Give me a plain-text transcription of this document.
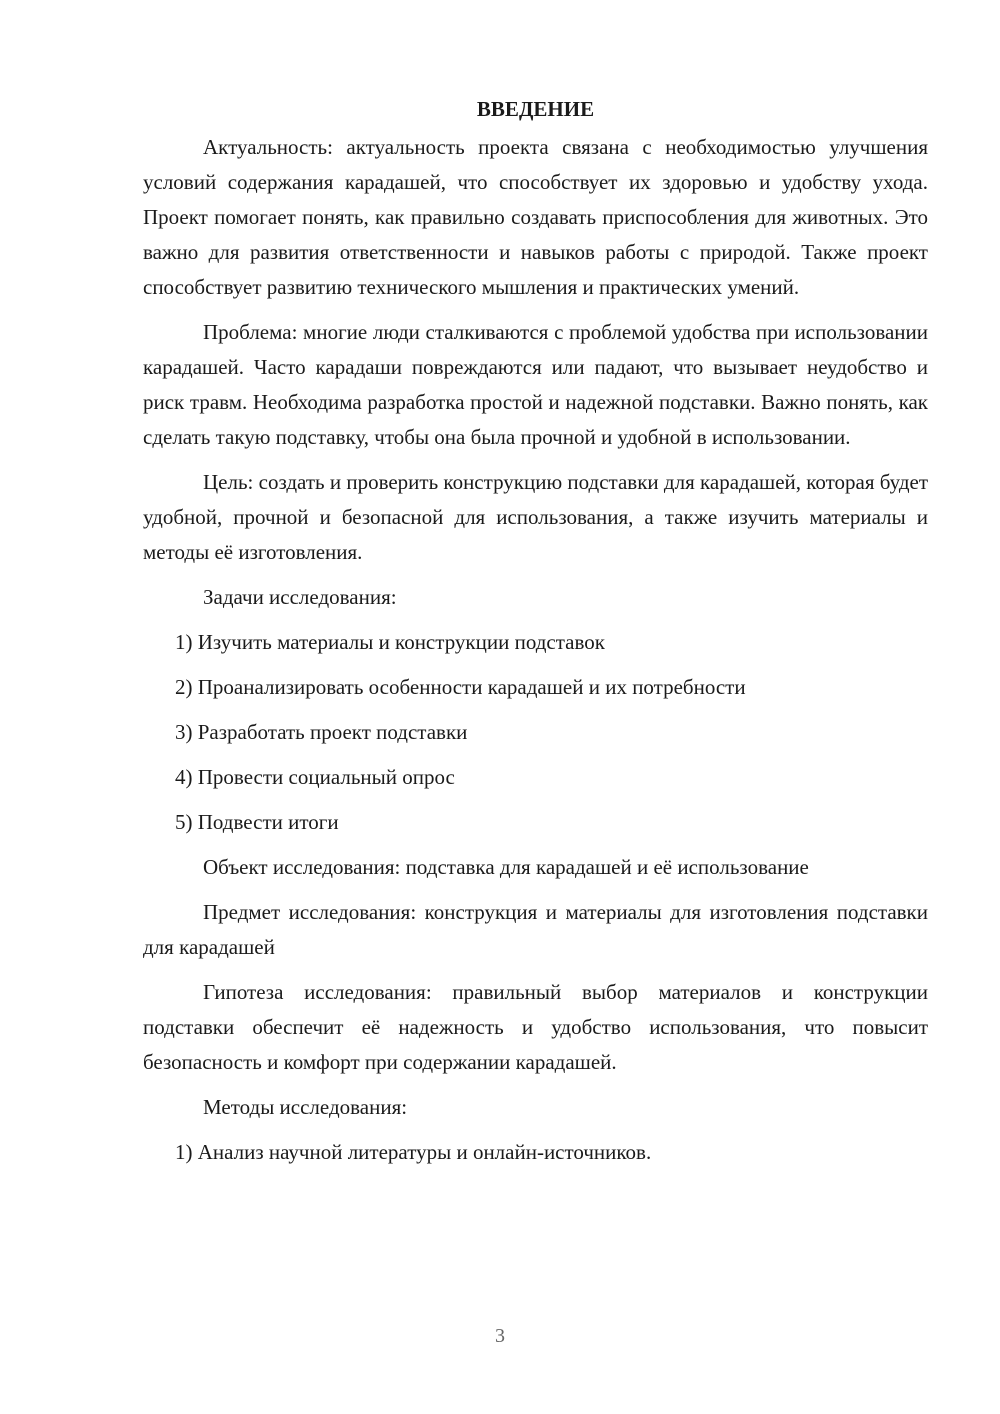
ВВЕДЕНИЕ

Актуальность: актуальность проекта связана с необходимостью улучшения условий содержания карадашей, что способствует их здоровью и удобству ухода. Проект помогает понять, как правильно создавать приспособления для животных. Это важно для развития ответственности и навыков работы с природой. Также проект способствует развитию технического мышления и практических умений.

Проблема: многие люди сталкиваются с проблемой удобства при использовании карадашей. Часто карадаши повреждаются или падают, что вызывает неудобство и риск травм. Необходима разработка простой и надежной подставки. Важно понять, как сделать такую подставку, чтобы она была прочной и удобной в использовании.

Цель: создать и проверить конструкцию подставки для карадашей, которая будет удобной, прочной и безопасной для использования, а также изучить материалы и методы её изготовления.

Задачи исследования:

1) Изучить материалы и конструкции подставок
2) Проанализировать особенности карадашей и их потребности
3) Разработать проект подставки
4) Провести социальный опрос
5) Подвести итоги

Объект исследования: подставка для карадашей и её использование

Предмет исследования: конструкция и материалы для изготовления подставки для карадашей

Гипотеза исследования: правильный выбор материалов и конструкции подставки обеспечит её надежность и удобство использования, что повысит безопасность и комфорт при содержании карадашей.

Методы исследования:

1) Анализ научной литературы и онлайн-источников.
3
